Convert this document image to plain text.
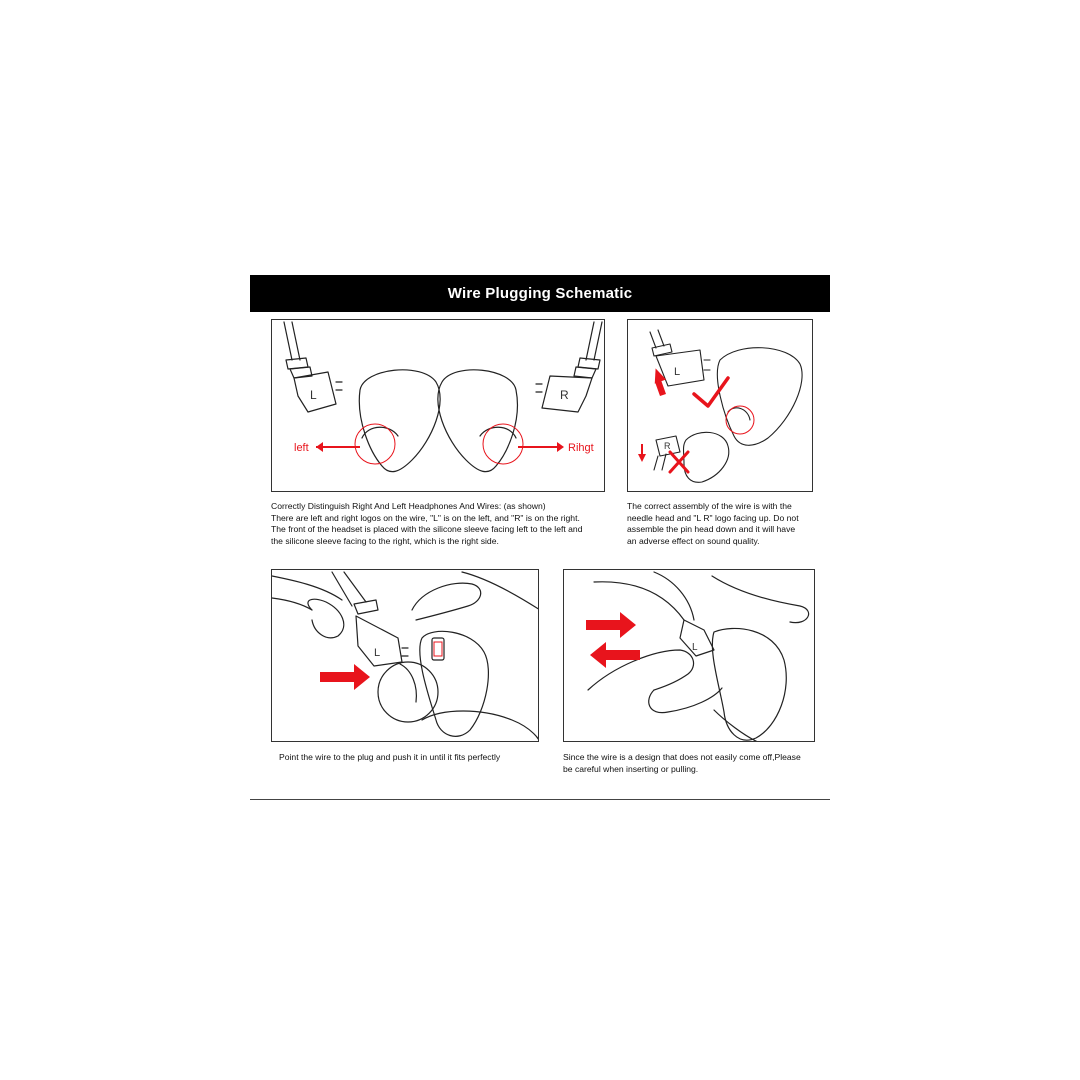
Wire Plugging Schematic
L	R
left	Rihgt
L
R

Correctly Distinguish Right And Left Headphones And Wires: (as shown)

There are left and right logos on the wire, "L" is on the left, and "R" is on the right.

The front of the headset is placed with the silicone sleeve facing left to the left and

the silicone sleeve facing to the right, which is the right side.

The correct assembly of the wire is with the

needle head and "L R" logo facing up. Do not

assemble the pin head down and it will have

an adverse effect on sound quality.

L	L

Point the wire to the plug and push it in until it fits perfectly	Since the wire is a design that does not easily come off,Please

be careful when inserting or pulling.
